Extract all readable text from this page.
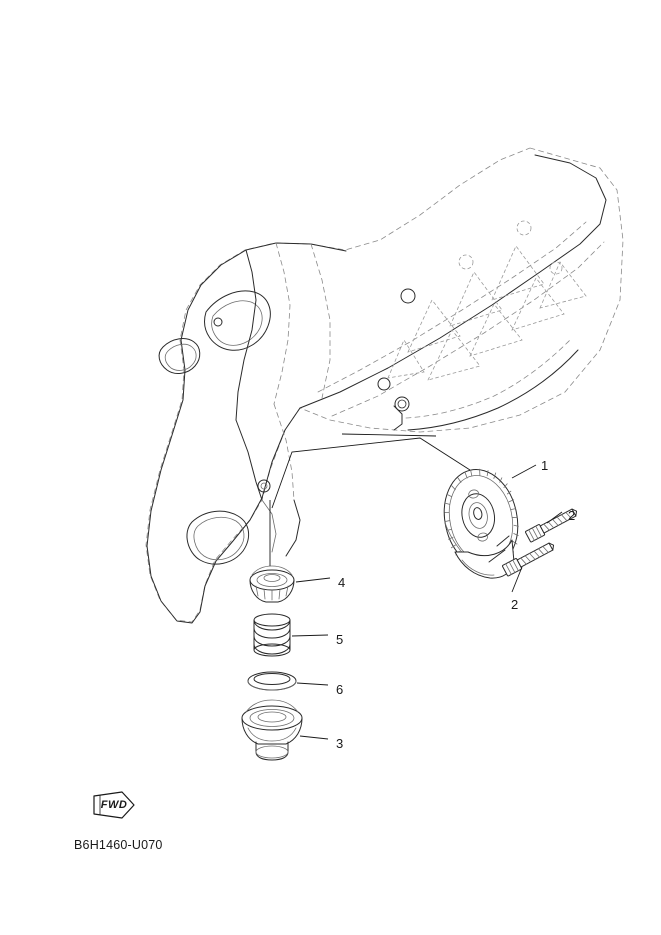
1
2
2
3
4
5
6
FWD
B6H1460-U070
